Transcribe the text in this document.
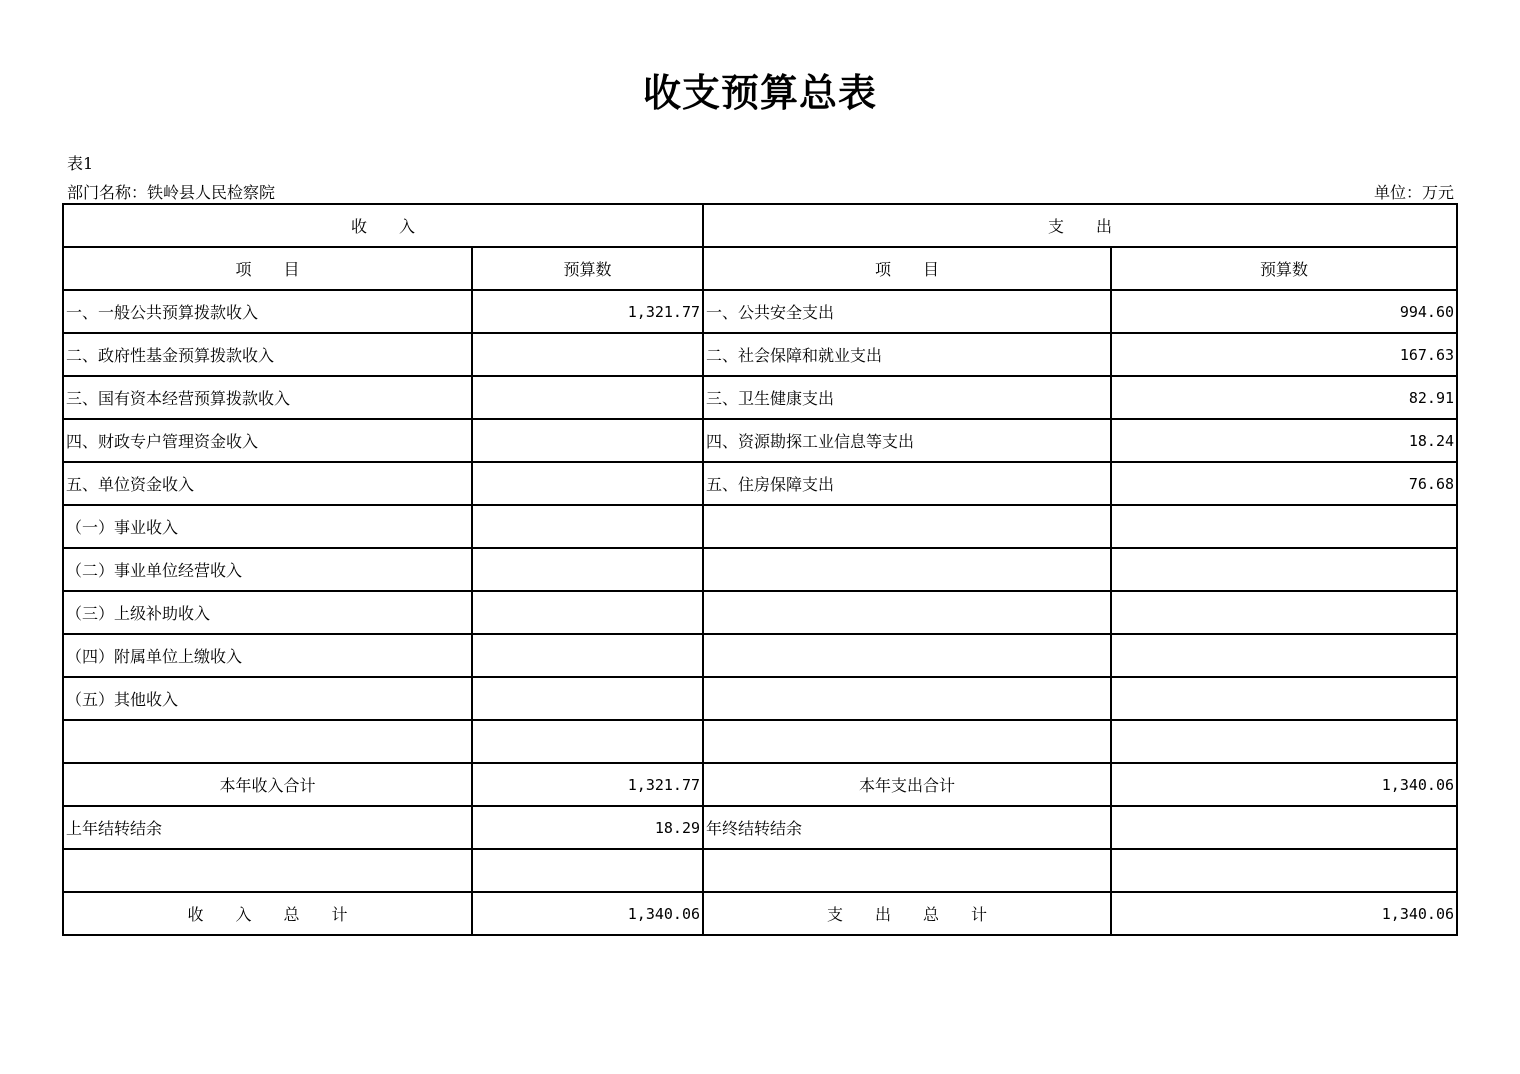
收支预算总表
表1
部门名称：铁岭县人民检察院	单位：万元
收　　入		支　　出	
项　　目	预算数	项　　目	预算数
一、一般公共预算拨款收入	1,321.77	一、公共安全支出	994.60
二、政府性基金预算拨款收入		二、社会保障和就业支出	167.63
三、国有资本经营预算拨款收入		三、卫生健康支出	82.91
四、财政专户管理资金收入		四、资源勘探工业信息等支出	18.24
五、单位资金收入		五、住房保障支出	76.68
（一）事业收入			
（二）事业单位经营收入			
（三）上级补助收入			
（四）附属单位上缴收入			
（五）其他收入			

本年收入合计	1,321.77	本年支出合计	1,340.06
上年结转结余	18.29	年终结转结余	

收　　入　　总　　计	1,340.06	支　　出　　总　　计	1,340.06
